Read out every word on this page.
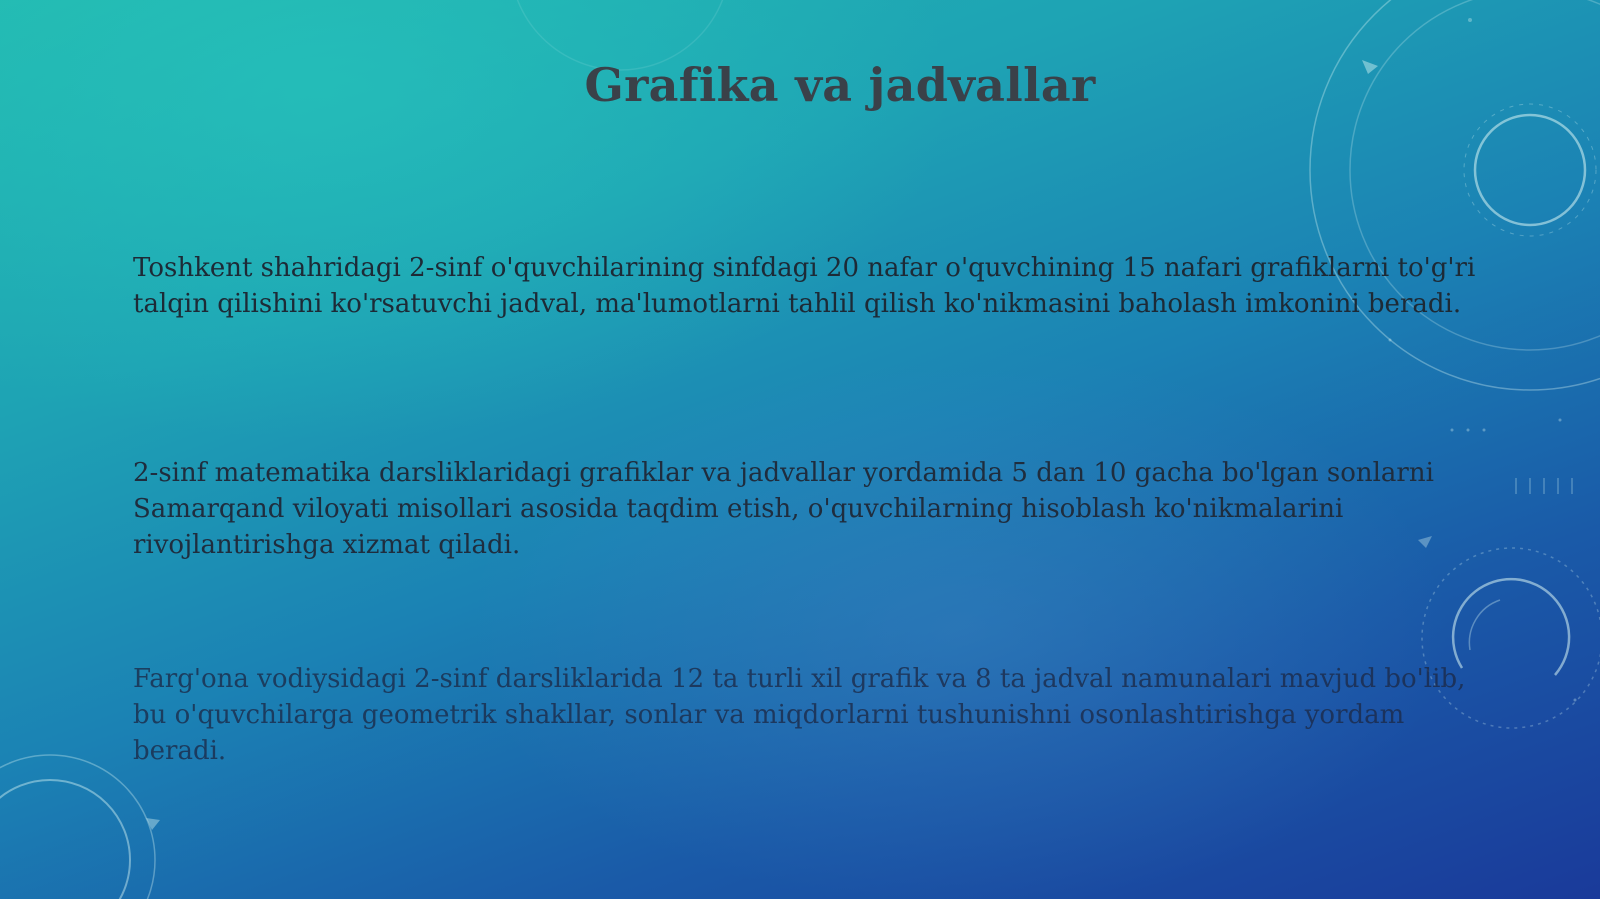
Grafika va jadvallar

Toshkent shahridagi 2-sinf o'quvchilarining sinfdagi 20 nafar o'quvchining 15 nafari grafiklarni to'g'ri talqin qilishini ko'rsatuvchi jadval, ma'lumotlarni tahlil qilish ko'nikmasini baholash imkonini beradi.

2-sinf matematika darsliklaridagi grafiklar va jadvallar yordamida 5 dan 10 gacha bo'lgan sonlarni Samarqand viloyati misollari asosida taqdim etish, o'quvchilarning hisoblash ko'nikmalarini rivojlantirishga xizmat qiladi.

Farg'ona vodiysidagi 2-sinf darsliklarida 12 ta turli xil grafik va 8 ta jadval namunalari mavjud bo'lib, bu o'quvchilarga geometrik shakllar, sonlar va miqdorlarni tushunishni osonlashtirishga yordam beradi.
